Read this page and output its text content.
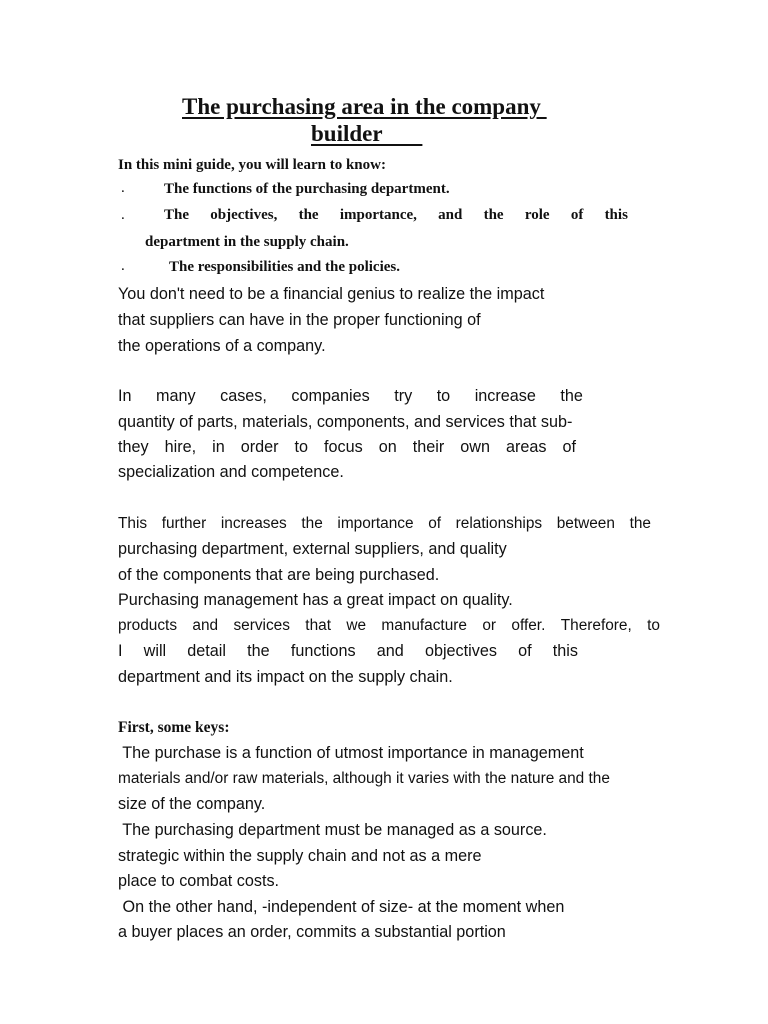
The purchasing area in the company
builder
In this mini guide, you will learn to know:
.	The functions of the purchasing department.
.	The objectives, the importance, and the role of this
department in the supply chain.
.	The responsibilities and the policies.
You don't need to be a financial genius to realize the impact
that suppliers can have in the proper functioning of
the operations of a company.
In many cases, companies try to increase the
quantity of parts, materials, components, and services that sub-
they hire, in order to focus on their own areas of
specialization and competence.
This further increases the importance of relationships between the
purchasing department, external suppliers, and quality
of the components that are being purchased.
Purchasing management has a great impact on quality.
products and services that we manufacture or offer. Therefore, to
I will detail the functions and objectives of this
department and its impact on the supply chain.
First, some keys:
The purchase is a function of utmost importance in management
materials and/or raw materials, although it varies with the nature and the
size of the company.
The purchasing department must be managed as a source.
strategic within the supply chain and not as a mere
place to combat costs.
On the other hand, -independent of size- at the moment when
a buyer places an order, commits a substantial portion
